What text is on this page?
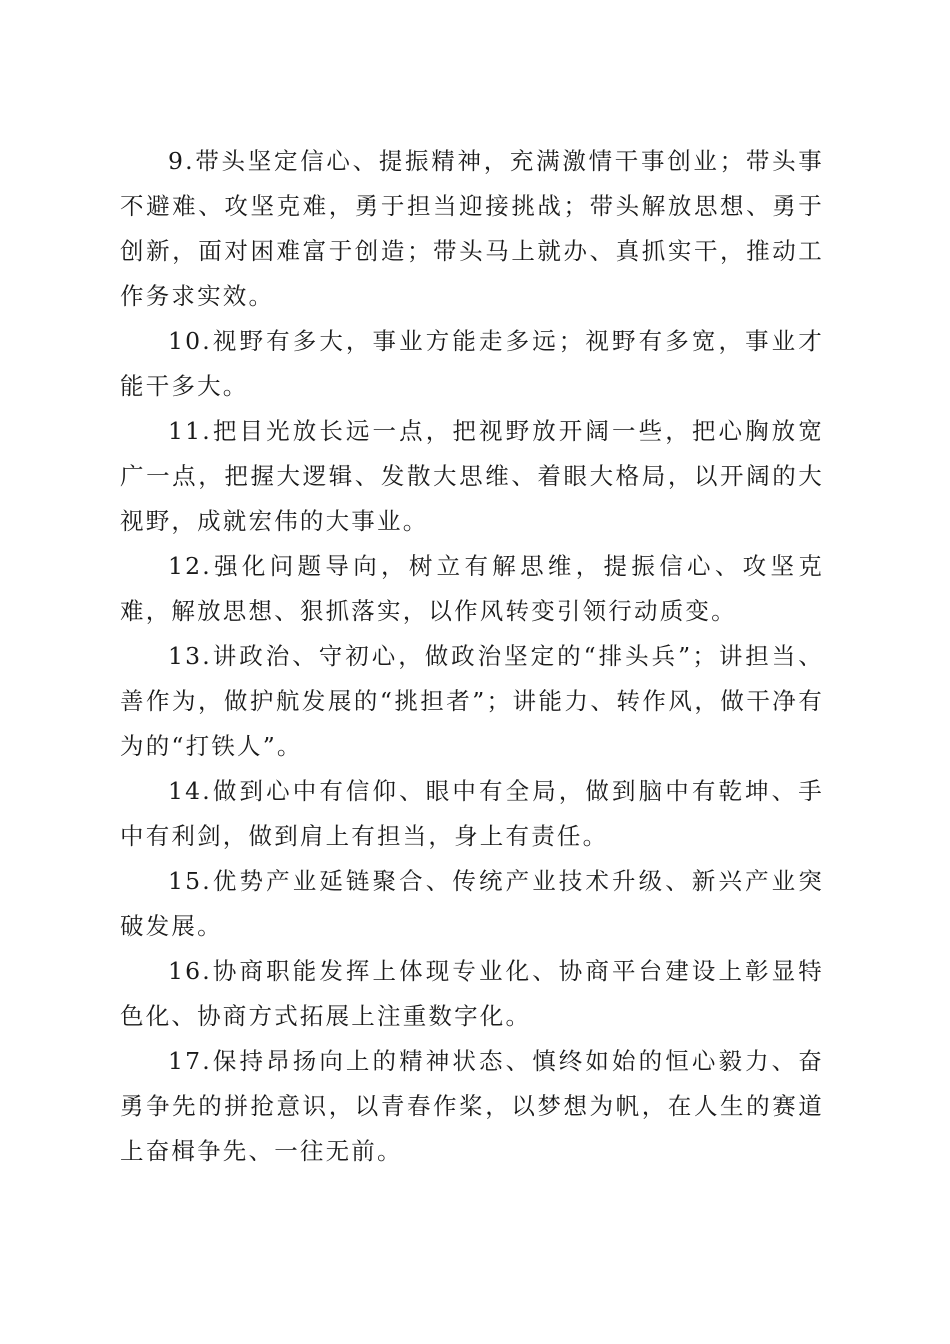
9.带头坚定信心、提振精神，充满激情干事创业；带头事不避难、攻坚克难，勇于担当迎接挑战；带头解放思想、勇于创新，面对困难富于创造；带头马上就办、真抓实干，推动工作务求实效。

10.视野有多大，事业方能走多远；视野有多宽，事业才能干多大。

11.把目光放长远一点，把视野放开阔一些，把心胸放宽广一点，把握大逻辑、发散大思维、着眼大格局，以开阔的大视野，成就宏伟的大事业。

12.强化问题导向，树立有解思维，提振信心、攻坚克难，解放思想、狠抓落实，以作风转变引领行动质变。

13.讲政治、守初心，做政治坚定的“排头兵”；讲担当、善作为，做护航发展的“挑担者”；讲能力、转作风，做干净有为的“打铁人”。

14.做到心中有信仰、眼中有全局，做到脑中有乾坤、手中有利剑，做到肩上有担当，身上有责任。

15.优势产业延链聚合、传统产业技术升级、新兴产业突破发展。

16.协商职能发挥上体现专业化、协商平台建设上彰显特色化、协商方式拓展上注重数字化。

17.保持昂扬向上的精神状态、慎终如始的恒心毅力、奋勇争先的拼抢意识，以青春作桨，以梦想为帆，在人生的赛道上奋楫争先、一往无前。
